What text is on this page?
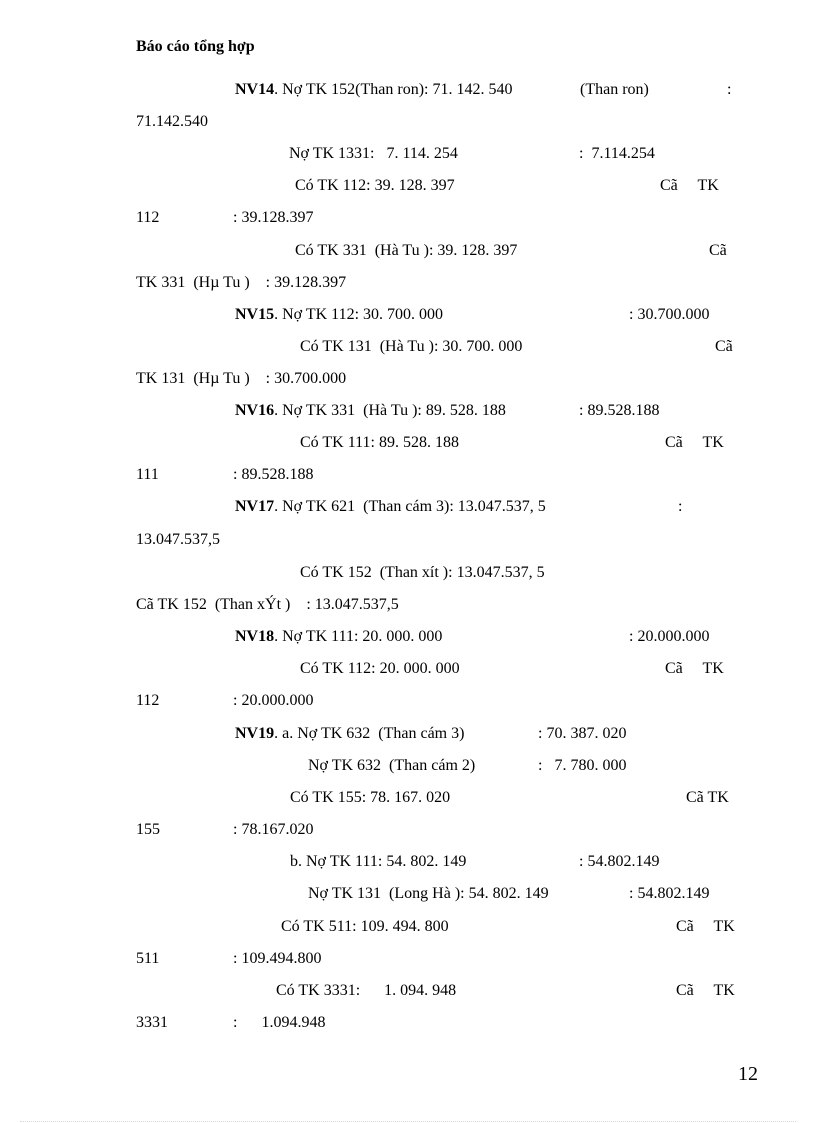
Báo cáo tổng hợp
NV14. Nợ TK 152(Than ron): 71. 142. 540	(Than ron)	:
71.142.540
Nợ TK 1331:   7. 114. 254	:  7.114.254
Có TK 112: 39. 128. 397	Cã     TK
112	: 39.128.397
Có TK 331  (Hà Tu ): 39. 128. 397	Cã
TK 331  (Hµ Tu )    : 39.128.397
NV15. Nợ TK 112: 30. 700. 000	: 30.700.000
Có TK 131  (Hà Tu ): 30. 700. 000	Cã
TK 131  (Hµ Tu )    : 30.700.000
NV16. Nợ TK 331  (Hà Tu ): 89. 528. 188	: 89.528.188
Có TK 111: 89. 528. 188	Cã     TK
111	: 89.528.188
NV17. Nợ TK 621  (Than cám 3): 13.047.537, 5	:
13.047.537,5
Có TK 152  (Than xít ): 13.047.537, 5
Cã TK 152  (Than xÝt )    : 13.047.537,5
NV18. Nợ TK 111: 20. 000. 000	: 20.000.000
Có TK 112: 20. 000. 000	Cã     TK
112	: 20.000.000
NV19. a. Nợ TK 632  (Than cám 3)	: 70. 387. 020
Nợ TK 632  (Than cám 2)	:   7. 780. 000
Có TK 155: 78. 167. 020	Cã TK
155	: 78.167.020
b. Nợ TK 111: 54. 802. 149	: 54.802.149
Nợ TK 131  (Long Hà ): 54. 802. 149	: 54.802.149
Có TK 511: 109. 494. 800	Cã     TK
511	: 109.494.800
Có TK 3331:      1. 094. 948	Cã     TK
3331	:      1.094.948
12
